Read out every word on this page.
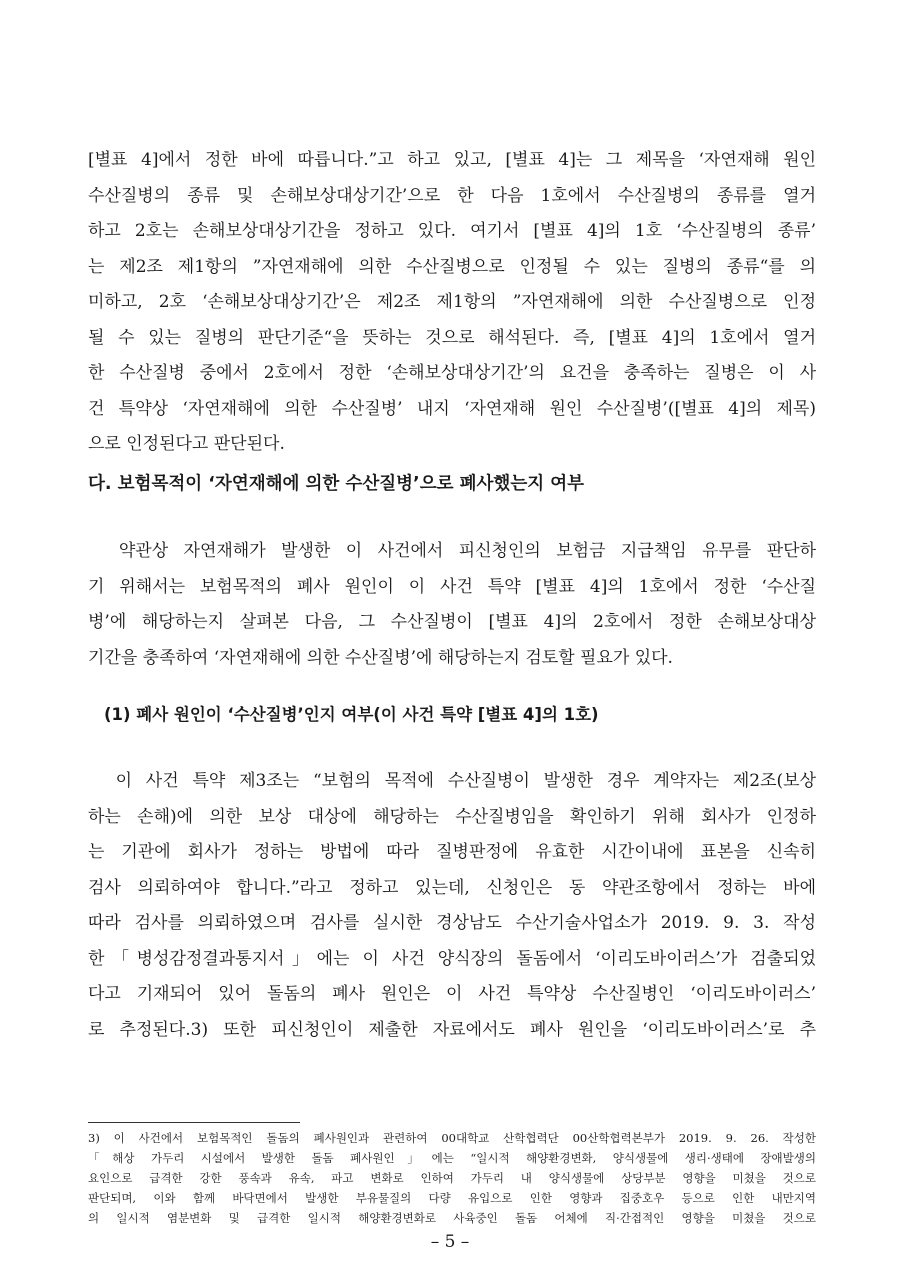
[별표 4]에서 정한 바에 따릅니다.”고 하고 있고, [별표 4]는 그 제목을 ‘자연재해 원인
수산질병의 종류 및 손해보상대상기간’으로 한 다음 1호에서 수산질병의 종류를 열거
하고 2호는 손해보상대상기간을 정하고 있다. 여기서 [별표 4]의 1호 ‘수산질병의 종류’
는 제2조 제1항의 ”자연재해에 의한 수산질병으로 인정될 수 있는 질병의 종류“를 의
미하고, 2호 ‘손해보상대상기간’은 제2조 제1항의 ”자연재해에 의한 수산질병으로 인정
될 수 있는 질병의 판단기준“을 뜻하는 것으로 해석된다. 즉, [별표 4]의 1호에서 열거
한 수산질병 중에서 2호에서 정한 ‘손해보상대상기간’의 요건을 충족하는 질병은 이 사
건 특약상 ‘자연재해에 의한 수산질병’ 내지 ‘자연재해 원인 수산질병’([별표 4]의 제목)
으로 인정된다고 판단된다.
다. 보험목적이 ‘자연재해에 의한 수산질병’으로 폐사했는지 여부
약관상 자연재해가 발생한 이 사건에서 피신청인의 보험금 지급책임 유무를 판단하
기 위해서는 보험목적의 폐사 원인이 이 사건 특약 [별표 4]의 1호에서 정한 ‘수산질
병’에 해당하는지 살펴본 다음, 그 수산질병이 [별표 4]의 2호에서 정한 손해보상대상
기간을 충족하여 ‘자연재해에 의한 수산질병’에 해당하는지 검토할 필요가 있다.
(1) 폐사 원인이 ‘수산질병’인지 여부(이 사건 특약 [별표 4]의 1호)
이 사건 특약 제3조는 “보험의 목적에 수산질병이 발생한 경우 계약자는 제2조(보상
하는 손해)에 의한 보상 대상에 해당하는 수산질병임을 확인하기 위해 회사가 인정하
는 기관에 회사가 정하는 방법에 따라 질병판정에 유효한 시간이내에 표본을 신속히
검사 의뢰하여야 합니다.”라고 정하고 있는데, 신청인은 동 약관조항에서 정하는 바에
따라 검사를 의뢰하였으며 검사를 실시한 경상남도 수산기술사업소가 2019. 9. 3. 작성
한「병성감정결과통지서」에는 이 사건 양식장의 돌돔에서 ‘이리도바이러스’가 검출되었
다고 기재되어 있어 돌돔의 폐사 원인은 이 사건 특약상 수산질병인 ‘이리도바이러스’
로 추정된다.3) 또한 피신청인이 제출한 자료에서도 폐사 원인을 ‘이리도바이러스’로 추
3) 이 사건에서 보험목적인 돌돔의 폐사원인과 관련하여 00대학교 산학협력단 00산학협력본부가 2019. 9. 26. 작성한
「해상 가두리 시설에서 발생한 돌돔 폐사원인」에는 “일시적 해양환경변화, 양식생물에 생리·생태에 장애발생의
요인으로 급격한 강한 풍속과 유속, 파고 변화로 인하여 가두리 내 양식생물에 상당부분 영향을 미쳤을 것으로
판단되며, 이와 함께 바닥면에서 발생한 부유물질의 다량 유입으로 인한 영향과 집중호우 등으로 인한 내만지역
의 일시적 염분변화 및 급격한 일시적 해양환경변화로 사육중인 돌돔 어체에 직·간접적인 영향을 미쳤을 것으로

– 5 –
